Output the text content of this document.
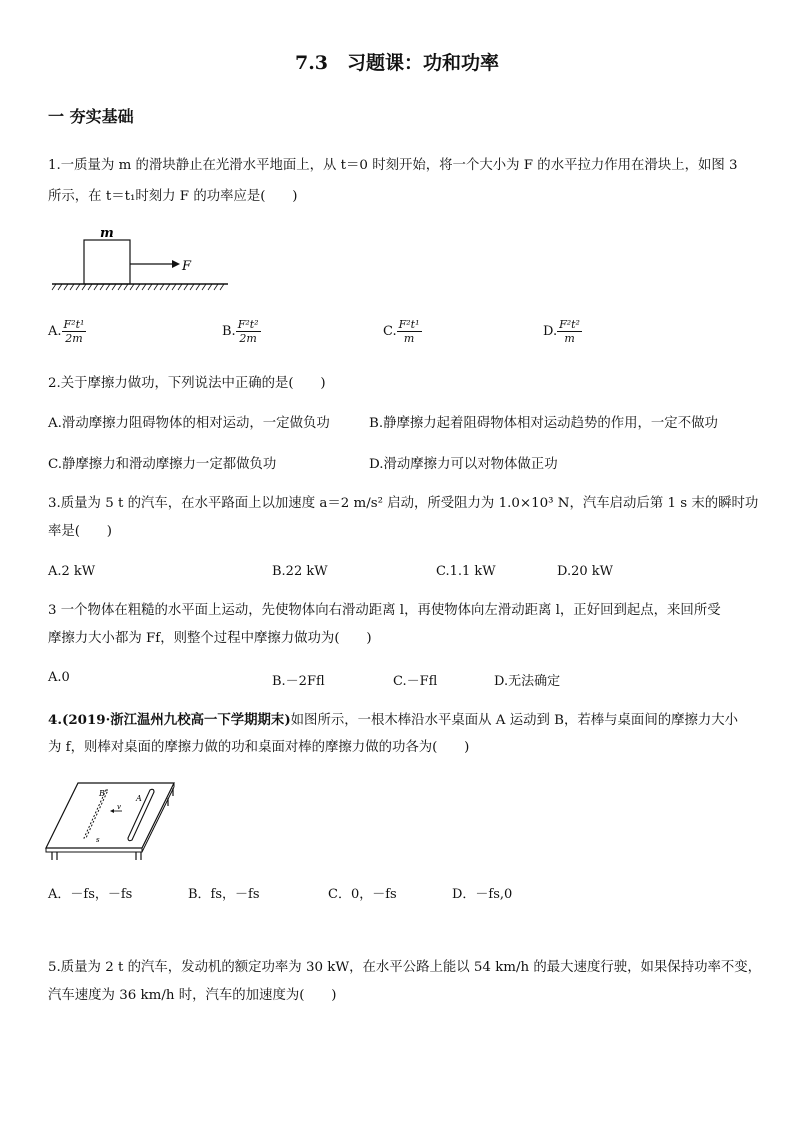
7.3　习题课：功和功率
一 夯实基础
1.一质量为 m 的滑块静止在光滑水平地面上，从 t＝0 时刻开始，将一个大小为 F 的水平拉力作用在滑块上，如图 3
所示，在 t＝t₁时刻力 F 的功率应是(　　)
m
F
A. $\frac{\text{F²t¹}}{2m}$	B. $\frac{\text{F²t²}}{2m}$	C. $\frac{\text{F²t¹}}{m}$	D. $\frac{\text{F²t²}}{m}$
2.关于摩擦力做功，下列说法中正确的是(　　)
A.滑动摩擦力阻碍物体的相对运动，一定做负功	B.静摩擦力起着阻碍物体相对运动趋势的作用，一定不做功
C.静摩擦力和滑动摩擦力一定都做负功	D.滑动摩擦力可以对物体做正功
3.质量为 5 t 的汽车，在水平路面上以加速度 a＝2 m/s² 启动，所受阻力为 1.0×10³ N，汽车启动后第 1 s 末的瞬时功
率是(　　)
A.2 kW	B.22 kW	C.1.1 kW	D.20 kW
3 一个物体在粗糙的水平面上运动，先使物体向右滑动距离 l，再使物体向左滑动距离 l，正好回到起点，来回所受
摩擦力大小都为 Ff，则整个过程中摩擦力做功为(　　)
A.0	B.－2Ffl	C.－Ffl	D.无法确定
4.(2019·浙江温州九校高一下学期期末)如图所示，一根木棒沿水平桌面从 A 运动到 B，若棒与桌面间的摩擦力大小
为 f，则棒对桌面的摩擦力做的功和桌面对棒的摩擦力做的功各为(　　)
B
A
v
s
A．－fs，－fs	B．fs，－fs	C．0，－fs	D．－fs,0
5.质量为 2 t 的汽车，发动机的额定功率为 30 kW，在水平公路上能以 54 km/h 的最大速度行驶，如果保持功率不变，
汽车速度为 36 km/h 时，汽车的加速度为(　　)
